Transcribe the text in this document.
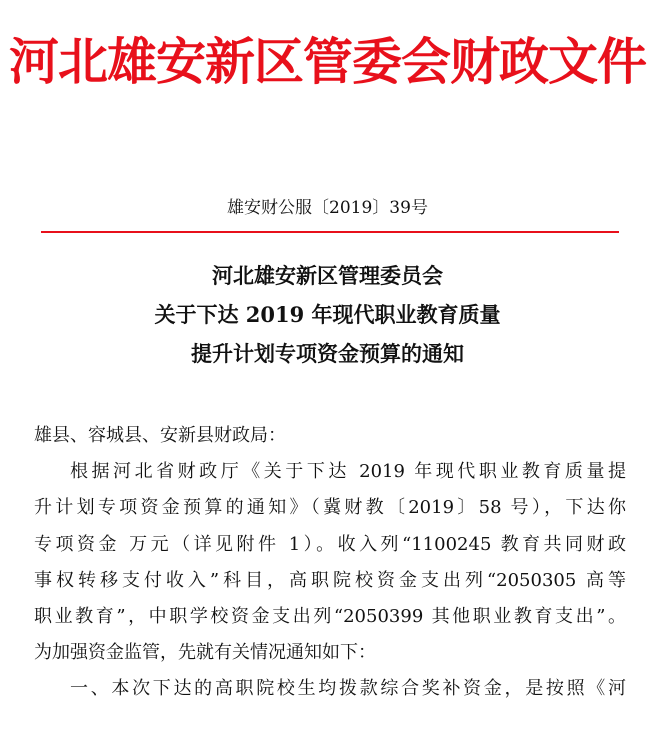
河北雄安新区管委会财政文件
雄安财公服〔2019〕39号
河北雄安新区管理委员会
关于下达 2019 年现代职业教育质量
提升计划专项资金预算的通知
雄县、容城县、安新县财政局：
根据河北省财政厅《关于下达 2019 年现代职业教育质量提
升计划专项资金预算的通知》（冀财教〔2019〕58 号），下达你
专项资金 万元（详见附件 1）。收入列“1100245 教育共同财政
事权转移支付收入”科目，高职院校资金支出列“2050305 高等
职业教育”，中职学校资金支出列“2050399 其他职业教育支出”。
为加强资金监管，先就有关情况通知如下：
一、本次下达的高职院校生均拨款综合奖补资金，是按照《河
